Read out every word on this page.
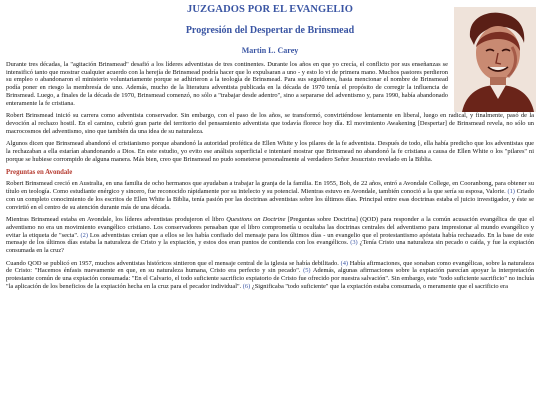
JUZGADOS POR EL EVANGELIO
Progresión del Despertar de Brinsmead
Martin L. Carey

Durante tres décadas, la "agitación Brinsmead" desafió a los líderes adventistas de tres continentes. Durante los años en que yo crecía, el conflicto por sus enseñanzas se intensificó tanto que mostrar cualquier acuerdo con la herejía de Brinsmead podría hacer que lo expulsaran a uno - y esto lo vi de primera mano. Muchos pastores perdieron su empleo o abandonaron el ministerio voluntariamente porque se adhirieron a la teología de Brinsmead. Para sus seguidores, hasta mencionar el nombre de Brinsmead podía poner en riesgo la membresía de uno. Además, mucho de la literatura adventista publicada en la década de 1970 tenía el propósito de corregir la influencia de Brinsmead. Luego, a finales de la década de 1970, Brinsmead comenzó, no sólo a "trabajar desde adentro", sino a separarse del adventismo y, para 1990, había abandonado enteramente la fe cristiana.

Robert Brinsmead inició su carrera como adventista conservador. Sin embargo, con el paso de los años, se transformó, convirtiéndose lentamente en liberal, luego en radical, y finalmente, pasó de la devoción al rechazo hostil. En el camino, cubrió gran parte del territorio del pensamiento adventista que todavía florece hoy día. El movimiento Awakening [Despertar] de Brinsmead revela, no sólo un macrocosmos del adventismo, sino que también da una idea de su naturaleza.

Algunos dicen que Brinsmead abandonó el cristianismo porque abandonó la autoridad profética de Ellen White y los pilares de la fe adventista. Después de todo, ella había predicho que los adventistas que la rechazaban a ella estarían abandonando a Dios. En este estudio, yo evito ese análisis superficial e intentaré mostrar que Brinsmead no abandonó la fe cristiana a causa de Ellen White o los "pilares" ni porque se hubiese corrompido de alguna manera. Más bien, creo que Brinsmead no pudo someterse personalmente al verdadero Señor Jesucristo revelado en la Biblia.

Preguntas en Avondale

Robert Brinsmead creció en Australia, en una familia de ocho hermanos que ayudaban a trabajar la granja de la familia. En 1955, Bob, de 22 años, entró a Avondale College, en Cooranbong, para obtener su título en teología. Como estudiante enérgico y sincero, fue reconocido rápidamente por su intelecto y su potencial. Mientras estuvo en Avondale, también conoció a la que sería su esposa, Valorie. (1) Criado con un completo conocimiento de los escritos de Ellen White la Biblia, tenía pasión por las doctrinas adventistas sobre los últimos días. Principal entre esas doctrinas estaba el juicio investigador, y éste se convirtió en el centro de su atención durante más de una década.

Mientras Brinsmead estaba en Avondale, los líderes adventistas produjeron el libro Questions on Doctrine [Preguntas sobre Doctrina] (QOD) para responder a la común acusación evangélica de que el adventismo no era un movimiento evangélico cristiano. Los conservadores pensaban que el libro comprometía u ocultaba las doctrinas centrales del adventismo para impresionar al mundo evangélico y evitar la etiqueta de "secta". (2) Los adventistas creían que a ellos se les había confiado del mensaje para los últimos días - un evangelio que el protestantismo apóstata había rechazado. En la base de este mensaje de los últimos días estaba la naturaleza de Cristo y la expiación, y estos dos eran puntos de contienda con los evangélicos. (3) ¿Tenía Cristo una naturaleza sin pecado o caída, y fue la expiación consumada en la cruz?

Cuando QOD se publicó en 1957, muchos adventistas históricos sintieron que el mensaje central de la iglesia se había debilitado. (4) Había afirmaciones, que sonaban como evangélicas, sobre la naturaleza de Cristo: "Hacemos énfasis nuevamente en que, en su naturaleza humana, Cristo era perfecto y sin pecado". (5) Además, algunas afirmaciones sobre la expiación parecían apoyar la interpretación protestante común de una expiación consumada: "En el Calvario, el todo suficiente sacrificio expiatorio de Cristo fue ofrecido por nuestra salvación". Sin embargo, este "todo suficiente sacrificio" no incluía "la aplicación de los beneficios de la expiación hecha en la cruz para el pecador individual". (6) ¿Significaba "todo suficiente" que la expiación estaba consumada, o meramente que el sacrificio era
